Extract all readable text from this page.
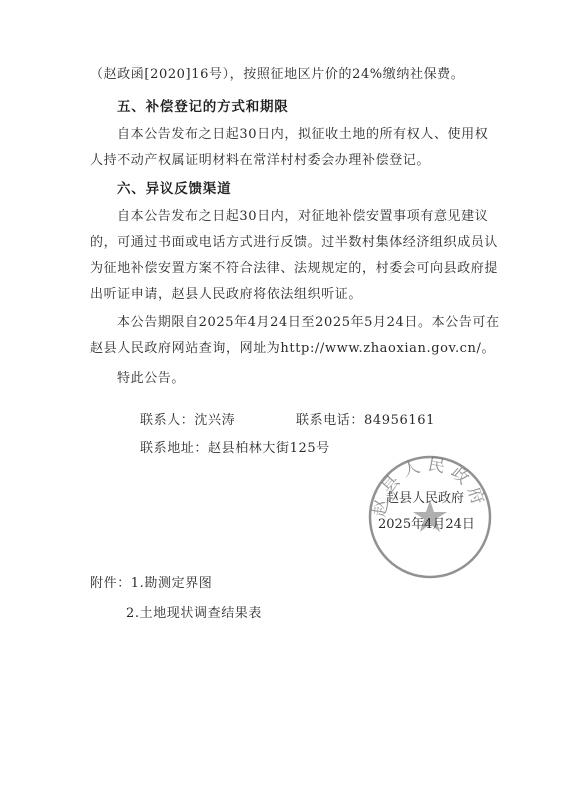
（赵政函[2020]16号），按照征地区片价的24%缴纳社保费。
五、补偿登记的方式和期限
自本公告发布之日起30日内，拟征收土地的所有权人、使用权
人持不动产权属证明材料在常洋村村委会办理补偿登记。
六、异议反馈渠道
自本公告发布之日起30日内，对征地补偿安置事项有意见建议
的，可通过书面或电话方式进行反馈。过半数村集体经济组织成员认
为征地补偿安置方案不符合法律、法规规定的，村委会可向县政府提
出听证申请，赵县人民政府将依法组织听证。
本公告期限自2025年4月24日至2025年5月24日。本公告可在
赵县人民政府网站查询，网址为http://www.zhaoxian.gov.cn/。
特此公告。
联系人：沈兴涛	联系电话：84956161
联系地址：赵县柏林大街125号
赵县人民政府
赵县人民政府
2025年4月24日
附件：1.勘测定界图
2.土地现状调查结果表
